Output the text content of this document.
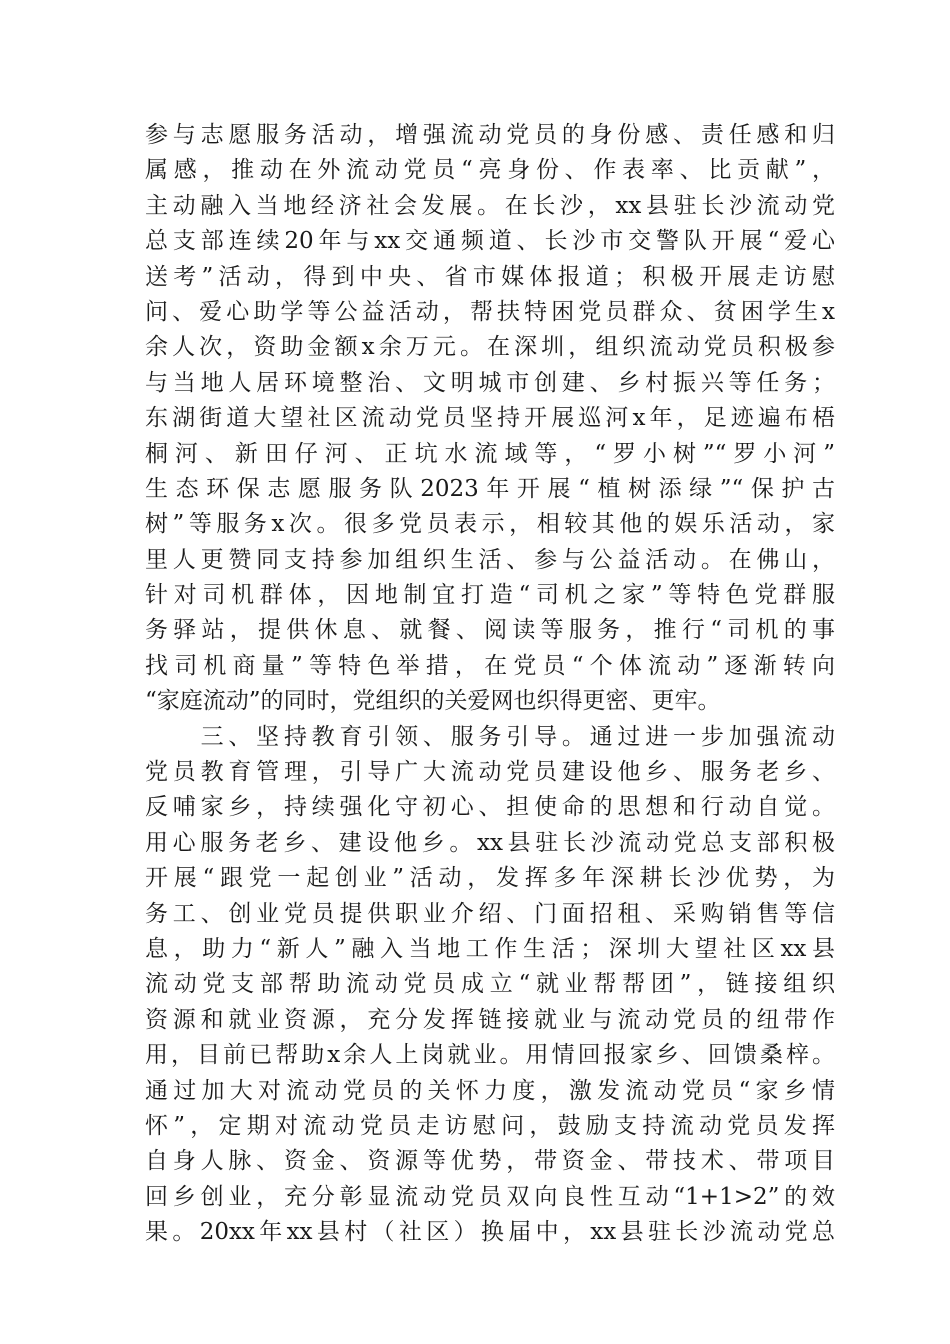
参与志愿服务活动，增强流动党员的身份感、责任感和归
属感，推动在外流动党员“亮身份、作表率、比贡献”，
主动融入当地经济社会发展。在长沙，xx县驻长沙流动党
总支部连续20年与xx交通频道、长沙市交警队开展“爱心
送考”活动，得到中央、省市媒体报道；积极开展走访慰
问、爱心助学等公益活动，帮扶特困党员群众、贫困学生x
余人次，资助金额x余万元。在深圳，组织流动党员积极参
与当地人居环境整治、文明城市创建、乡村振兴等任务；
东湖街道大望社区流动党员坚持开展巡河x年，足迹遍布梧
桐河、新田仔河、正坑水流域等，“罗小树”“罗小河”
生态环保志愿服务队2023年开展“植树添绿”“保护古
树”等服务x次。很多党员表示，相较其他的娱乐活动，家
里人更赞同支持参加组织生活、参与公益活动。在佛山，
针对司机群体，因地制宜打造“司机之家”等特色党群服
务驿站，提供休息、就餐、阅读等服务，推行“司机的事
找司机商量”等特色举措，在党员“个体流动”逐渐转向
“家庭流动”的同时，党组织的关爱网也织得更密、更牢。
　　三、坚持教育引领、服务引导。通过进一步加强流动
党员教育管理，引导广大流动党员建设他乡、服务老乡、
反哺家乡，持续强化守初心、担使命的思想和行动自觉。
用心服务老乡、建设他乡。xx县驻长沙流动党总支部积极
开展“跟党一起创业”活动，发挥多年深耕长沙优势，为
务工、创业党员提供职业介绍、门面招租、采购销售等信
息，助力“新人”融入当地工作生活；深圳大望社区xx县
流动党支部帮助流动党员成立“就业帮帮团”，链接组织
资源和就业资源，充分发挥链接就业与流动党员的纽带作
用，目前已帮助x余人上岗就业。用情回报家乡、回馈桑梓。
通过加大对流动党员的关怀力度，激发流动党员“家乡情
怀”，定期对流动党员走访慰问，鼓励支持流动党员发挥
自身人脉、资金、资源等优势，带资金、带技术、带项目
回乡创业，充分彰显流动党员双向良性互动“1+1>2”的效
果。20xx年xx县村（社区）换届中，xx县驻长沙流动党总
